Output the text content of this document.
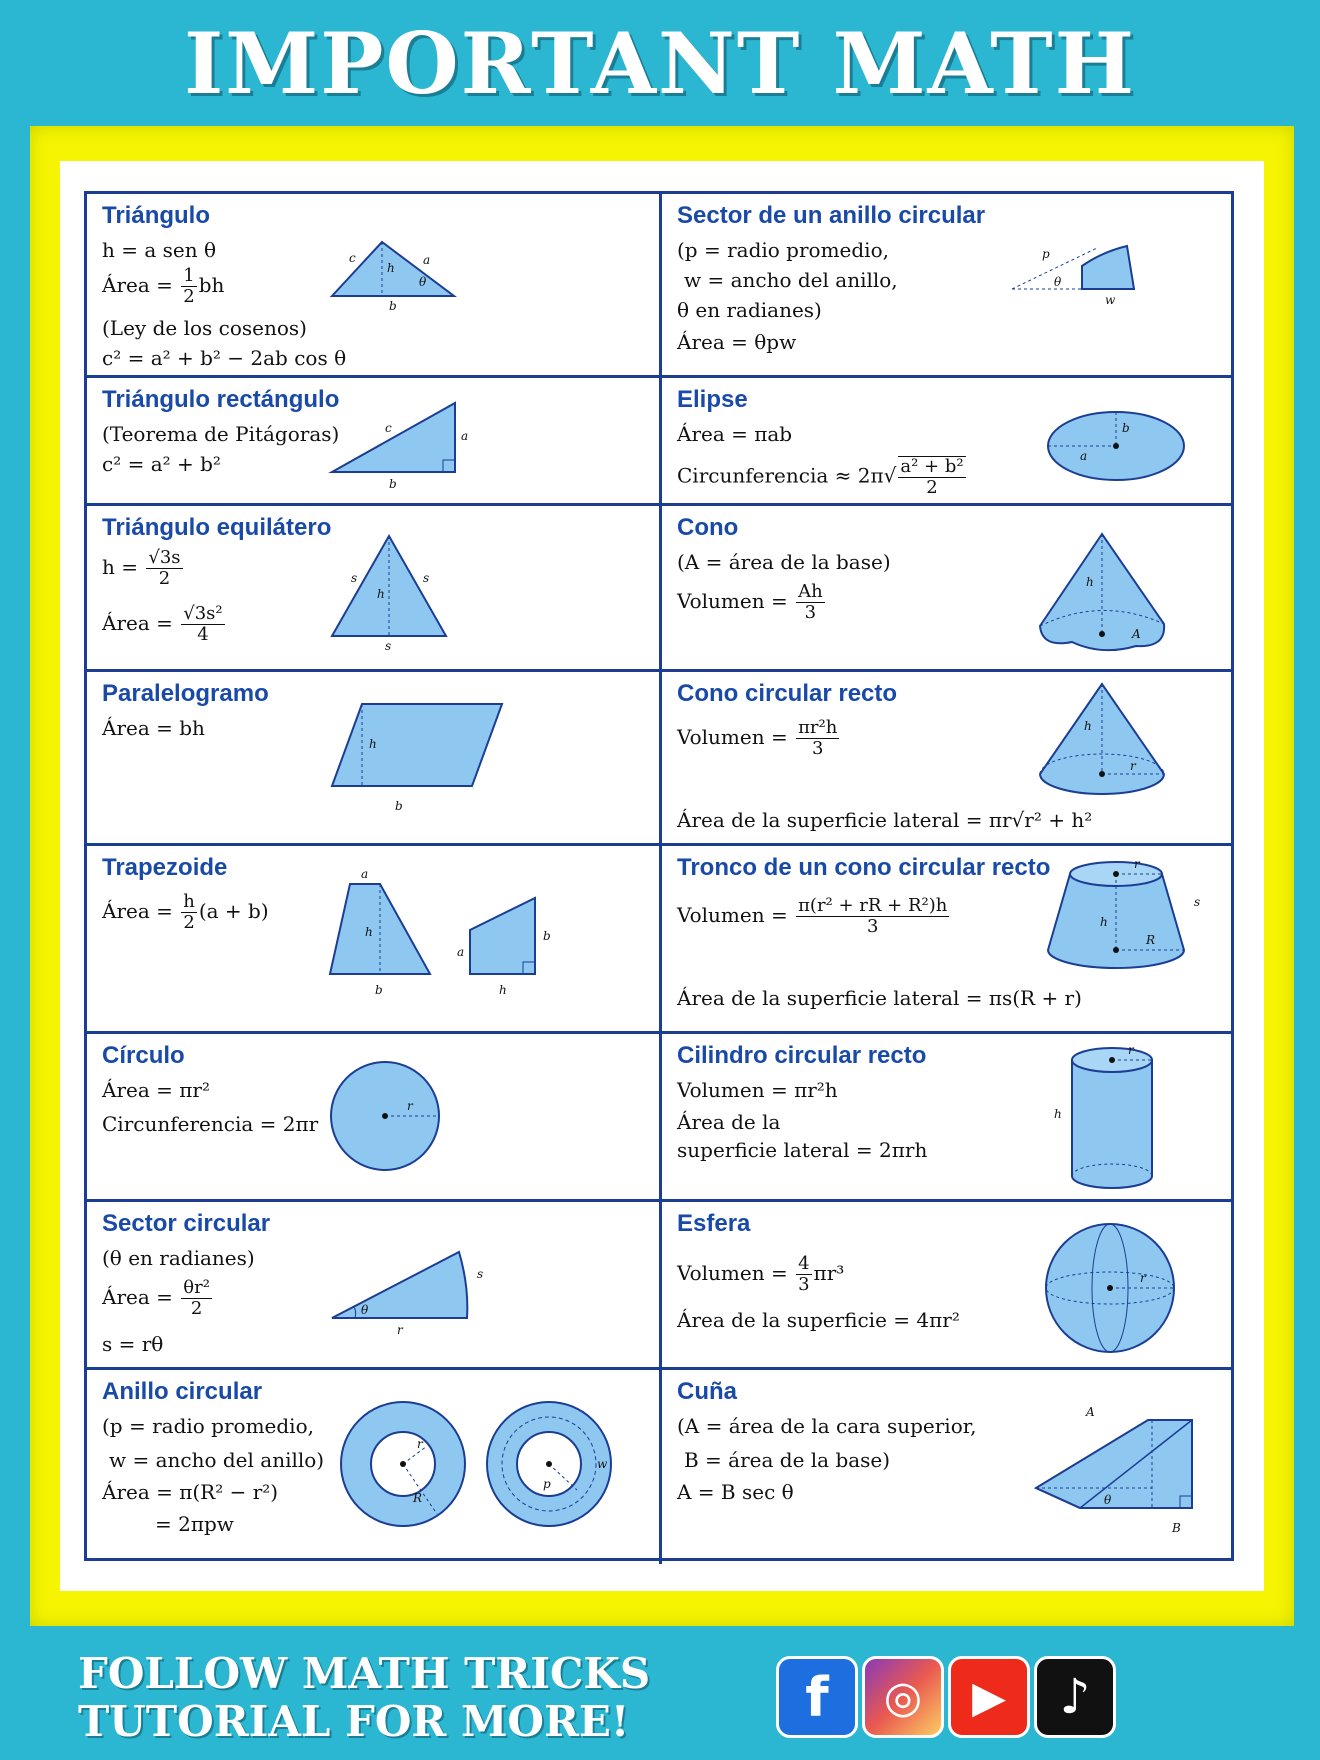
IMPORTANT MATH
Triángulo
h = a sen θ
Área = $\frac{1}{2}$ bh
(Ley de los cosenos)
c² = a² + b² − 2ab cos θ
c	a
h
b
θ
Sector de un anillo circular
(p = radio promedio,
w = ancho del anillo,
θ en radianes)
Área = θpw
p
θ
w
Triángulo rectángulo
(Teorema de Pitágoras)
c² = a² + b²
c
a
b
Elipse
Área = πab
Circunferencia ≈ $2\pi√ \frac{\text{a² + b²}}{2}$	a
b
Triángulo equilátero
$h = \frac{√3s}{2}$
Área = $\frac{\text{√3s²}}{4}$
s	s
h
s
Cono
(A = área de la base)
Volumen = $\frac{Ah}{3}$	h
A
Paralelogramo
Área = bh
h
b
Cono circular recto
Volumen = $\frac{\text{πr²h}}{3}$
Área de la superficie lateral = πr√r² + h²
h
r
Trapezoide
Área = $\frac{h}{2} (a + b)$
a
h
b
a
b
h
Tronco de un cono circular recto
Volumen = $\frac{\text{π(r² + rR + R²)h}}{3}$
Área de la superficie lateral = πs(R + r)
r
h
R
s
Círculo
Área = πr²
Circunferencia = 2πr
r
Cilindro circular recto
Volumen = πr²h
Área de la
superficie lateral = 2πrh
r
h
Sector circular
(θ en radianes)
Área = $\frac{\text{θr²}}{2}$
s = rθ
θ
s
r
Esfera
Volumen = $\frac{4}{3} \pi r^3$
Área de la superficie = 4πr²
r
Anillo circular
(p = radio promedio,
w = ancho del anillo)
Área = π(R² − r²)
= 2πpw
r
R
p
w
Cuña
(A = área de la cara superior,
B = área de la base)
A = B sec θ
A
θ
B
FOLLOW MATH TRICKS
TUTORIAL FOR MORE!	f	◎	▶	♪
